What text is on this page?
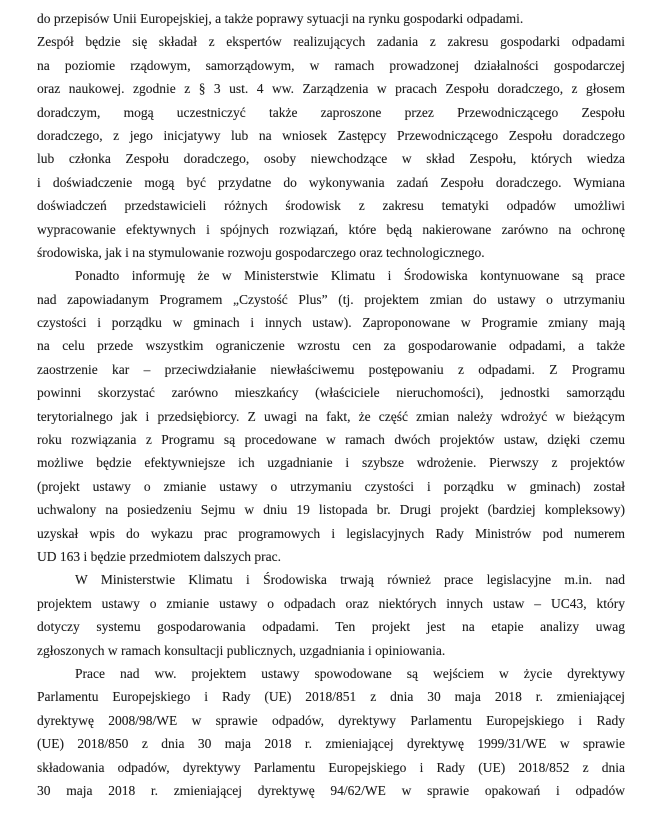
do przepisów Unii Europejskiej, a także poprawy sytuacji na rynku gospodarki odpadami.
Zespół będzie się składał z ekspertów realizujących zadania z zakresu gospodarki odpadami
na poziomie rządowym, samorządowym, w ramach prowadzonej działalności gospodarczej
oraz naukowej. zgodnie z § 3 ust. 4 ww. Zarządzenia w pracach Zespołu doradczego, z głosem
doradczym, mogą uczestniczyć także zaproszone przez Przewodniczącego Zespołu
doradczego, z jego inicjatywy lub na wniosek Zastępcy Przewodniczącego Zespołu doradczego
lub członka Zespołu doradczego, osoby niewchodzące w skład Zespołu, których wiedza
i doświadczenie mogą być przydatne do wykonywania zadań Zespołu doradczego. Wymiana
doświadczeń przedstawicieli różnych środowisk z zakresu tematyki odpadów umożliwi
wypracowanie efektywnych i spójnych rozwiązań, które będą nakierowane zarówno na ochronę
środowiska, jak i na stymulowanie rozwoju gospodarczego oraz technologicznego.
Ponadto informuję że w Ministerstwie Klimatu i Środowiska kontynuowane są prace
nad zapowiadanym Programem „Czystość Plus” (tj. projektem zmian do ustawy o utrzymaniu
czystości i porządku w gminach i innych ustaw). Zaproponowane w Programie zmiany mają
na celu przede wszystkim ograniczenie wzrostu cen za gospodarowanie odpadami, a także
zaostrzenie kar – przeciwdziałanie niewłaściwemu postępowaniu z odpadami. Z Programu
powinni skorzystać zarówno mieszkańcy (właściciele nieruchomości), jednostki samorządu
terytorialnego jak i przedsiębiorcy. Z uwagi na fakt, że część zmian należy wdrożyć w bieżącym
roku rozwiązania z Programu są procedowane w ramach dwóch projektów ustaw, dzięki czemu
możliwe będzie efektywniejsze ich uzgadnianie i szybsze wdrożenie. Pierwszy z projektów
(projekt ustawy o zmianie ustawy o utrzymaniu czystości i porządku w gminach) został
uchwalony na posiedzeniu Sejmu w dniu 19 listopada br. Drugi projekt (bardziej kompleksowy)
uzyskał wpis do wykazu prac programowych i legislacyjnych Rady Ministrów pod numerem
UD 163 i będzie przedmiotem dalszych prac.
W Ministerstwie Klimatu i Środowiska trwają również prace legislacyjne m.in. nad
projektem ustawy o zmianie ustawy o odpadach oraz niektórych innych ustaw – UC43, który
dotyczy systemu gospodarowania odpadami. Ten projekt jest na etapie analizy uwag
zgłoszonych w ramach konsultacji publicznych, uzgadniania i opiniowania.
Prace nad ww. projektem ustawy spowodowane są wejściem w życie dyrektywy
Parlamentu Europejskiego i Rady (UE) 2018/851 z dnia 30 maja 2018 r. zmieniającej
dyrektywę 2008/98/WE w sprawie odpadów, dyrektywy Parlamentu Europejskiego i Rady
(UE) 2018/850 z dnia 30 maja 2018 r. zmieniającej dyrektywę 1999/31/WE w sprawie
składowania odpadów, dyrektywy Parlamentu Europejskiego i Rady (UE) 2018/852 z dnia
30 maja 2018 r. zmieniającej dyrektywę 94/62/WE w sprawie opakowań i odpadów
